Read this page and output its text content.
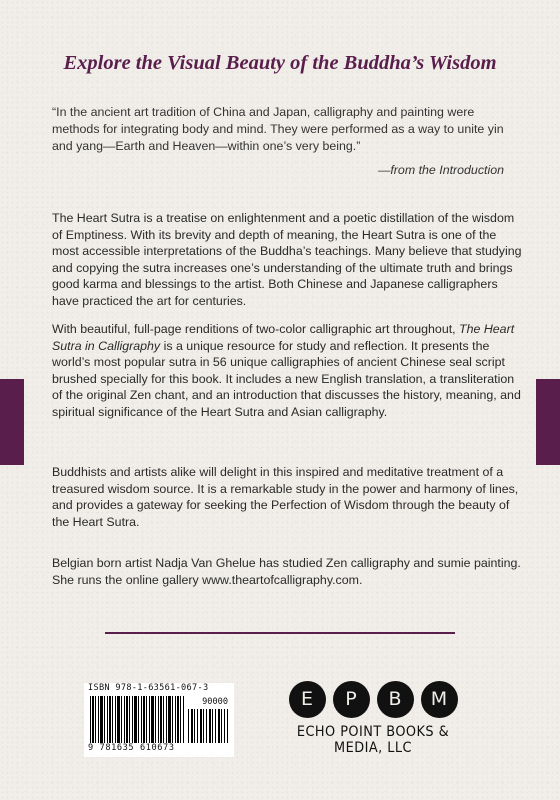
Explore the Visual Beauty of the Buddha’s Wisdom

“In the ancient art tradition of China and Japan, calligraphy and painting were methods for integrating body and mind. They were performed as a way to unite yin and yang—Earth and Heaven—within one’s very being.”

—from the Introduction

The Heart Sutra is a treatise on enlightenment and a poetic distillation of the wisdom of Emptiness. With its brevity and depth of meaning, the Heart Sutra is one of the most accessible interpretations of the Buddha’s teachings. Many believe that studying and copying the sutra increases one’s understanding of the ultimate truth and brings good karma and blessings to the artist. Both Chinese and Japanese calligraphers have practiced the art for centuries.

With beautiful, full-page renditions of two-color calligraphic art throughout, The Heart Sutra in Calligraphy is a unique resource for study and reflection. It presents the world’s most popular sutra in 56 unique calligraphies of ancient Chinese seal script brushed specially for this book. It includes a new English translation, a transliteration of the original Zen chant, and an introduction that discusses the history, meaning, and spiritual significance of the Heart Sutra and Asian calligraphy.

Buddhists and artists alike will delight in this inspired and meditative treatment of a treasured wisdom source. It is a remarkable study in the power and harmony of lines, and provides a gateway for seeking the Perfection of Wisdom through the beauty of the Heart Sutra.

Belgian born artist Nadja Van Ghelue has studied Zen calligraphy and sumie painting. She runs the online gallery www.theartofcalligraphy.com.

ISBN 978-1-63561-067-3

90000

9 781635 610673

E	P	B	M

ECHO POINT BOOKS & MEDIA, LLC
